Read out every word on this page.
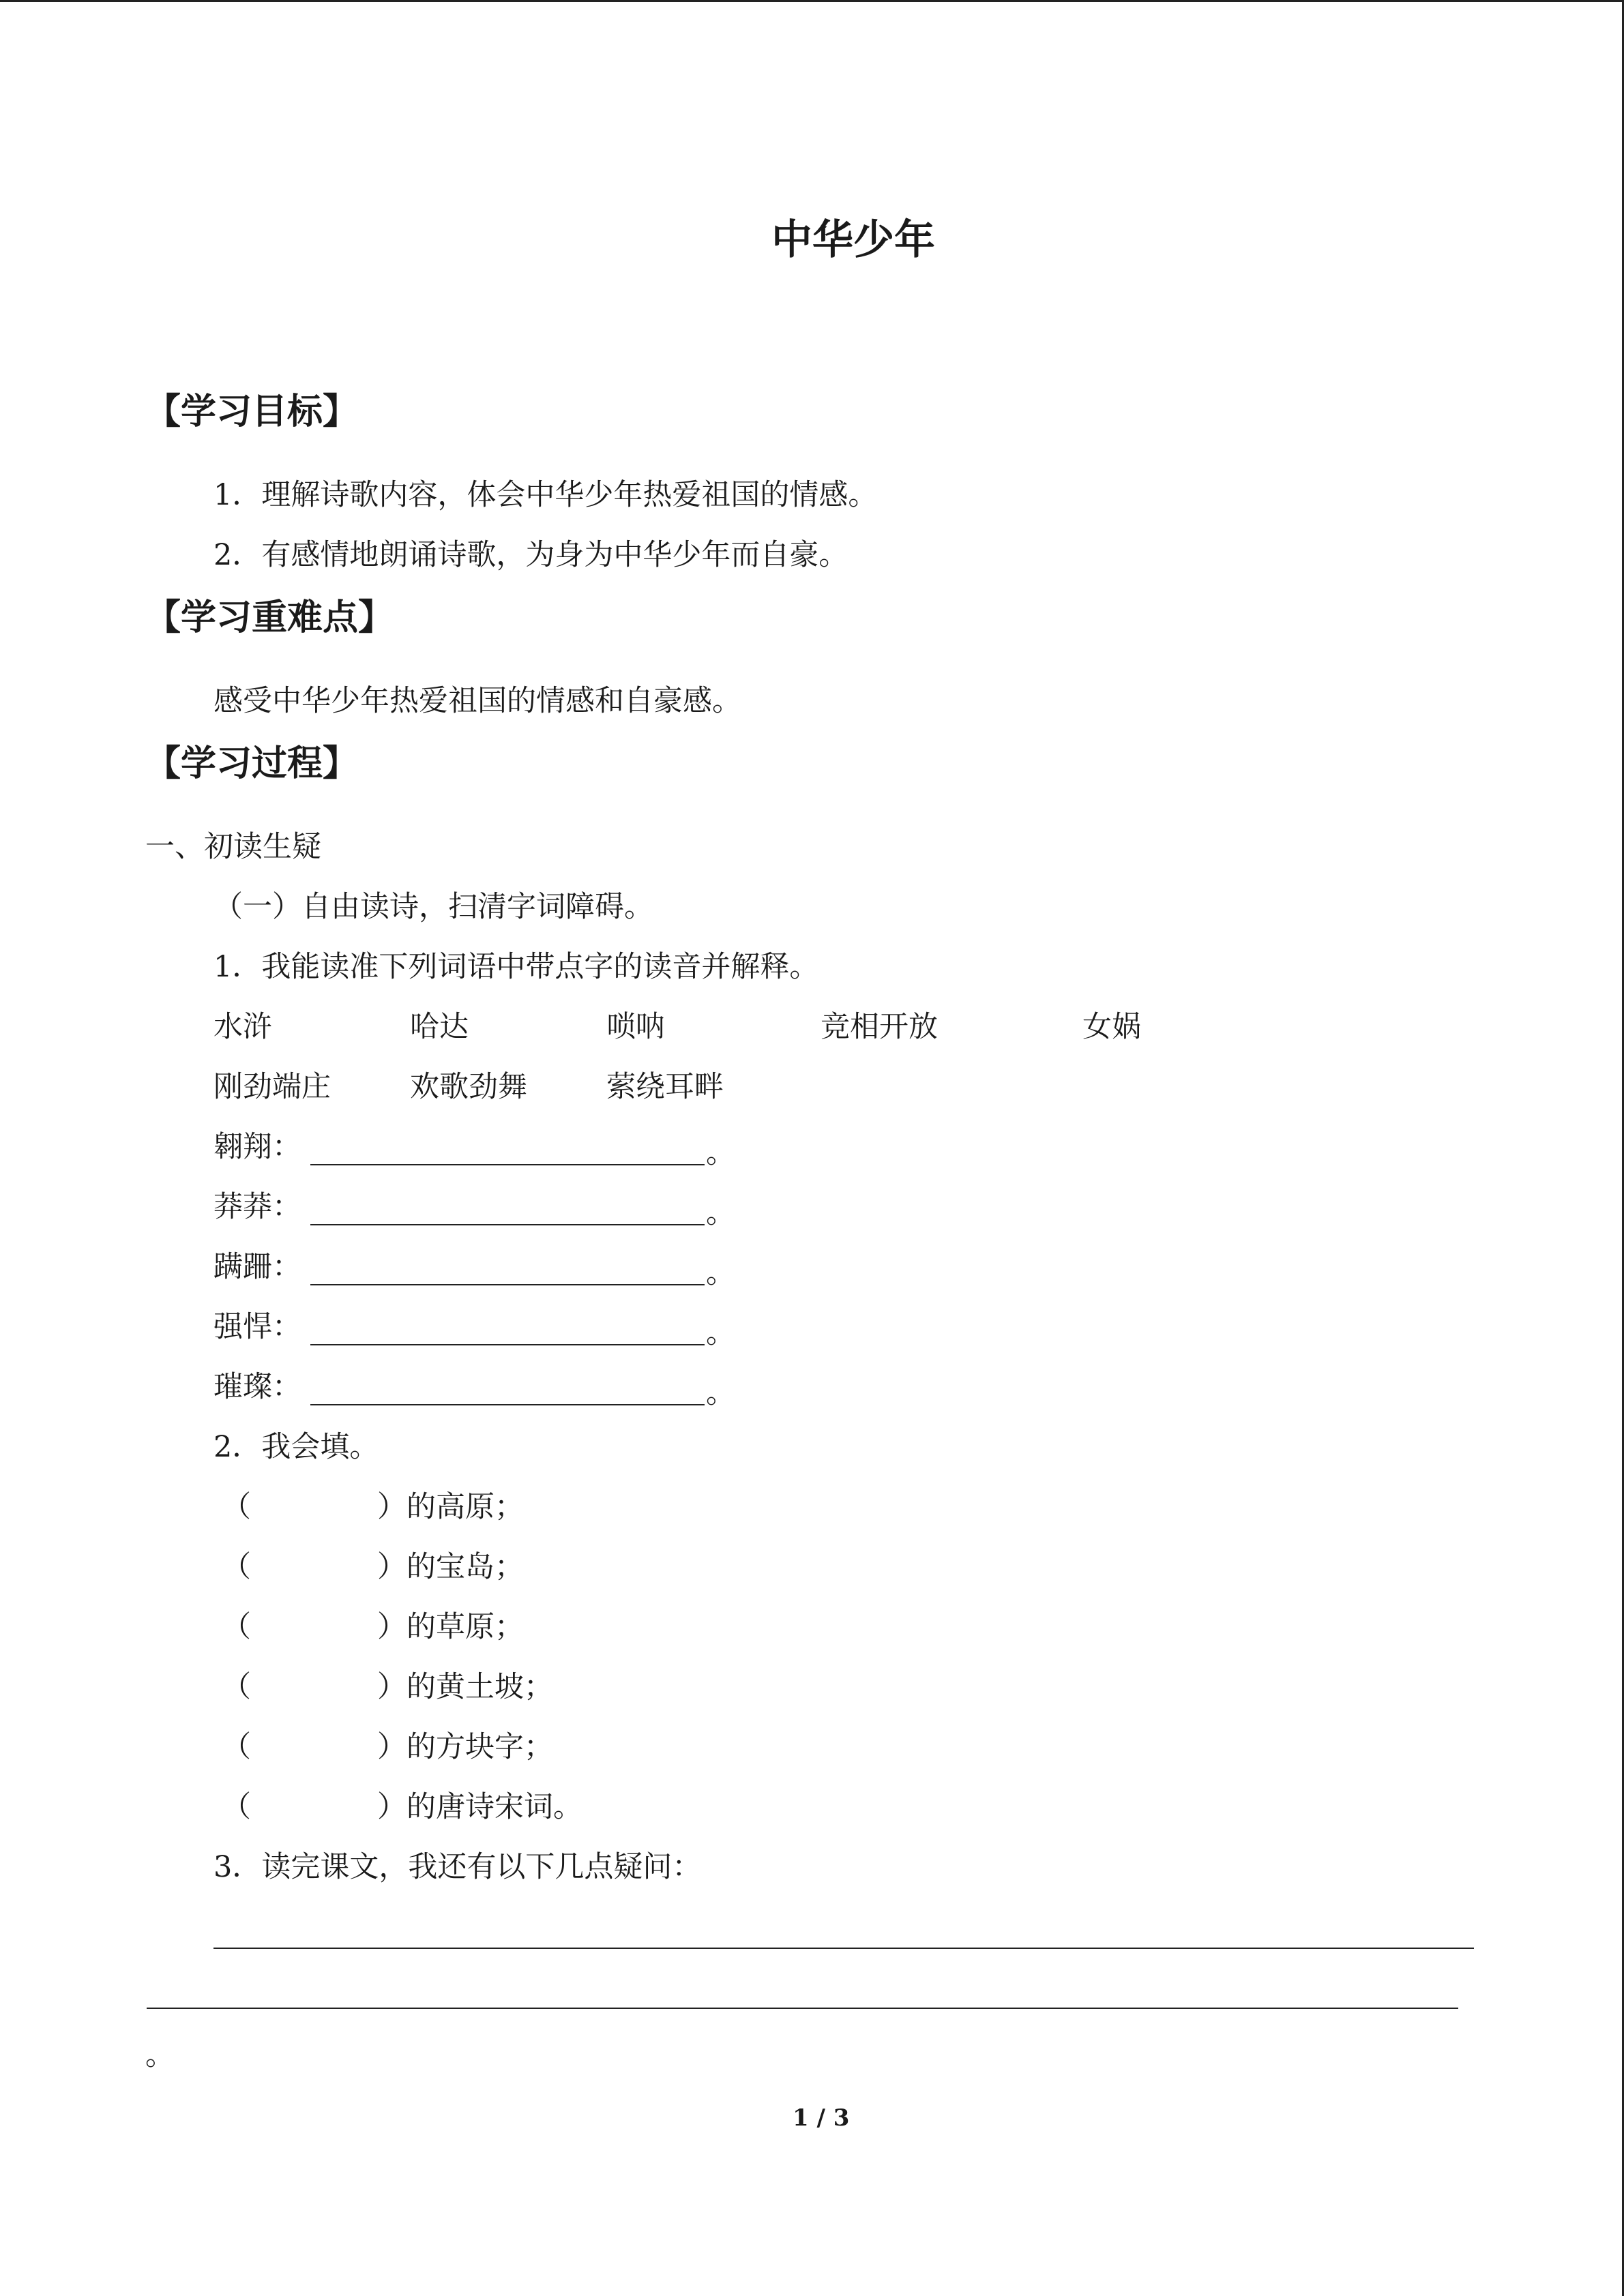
中华少年
【学习目标】
1．理解诗歌内容，体会中华少年热爱祖国的情感。
2．有感情地朗诵诗歌，为身为中华少年而自豪。
【学习重难点】
感受中华少年热爱祖国的情感和自豪感。
【学习过程】
一、初读生疑
（一）自由读诗，扫清字词障碍。
1．我能读准下列词语中带点字的读音并解释。
水浒	哈达	唢呐	竞相开放	女娲
刚劲端庄	欢歌劲舞	萦绕耳畔
翱翔：	。
莽莽：	。
蹒跚：	。
强悍：	。
璀璨：	。
2．我会填。
（	）的高原；
（	）的宝岛；
（	）的草原；
（	）的黄土坡；
（	）的方块字；
（	）的唐诗宋词。
3．读完课文，我还有以下几点疑问：
。
1 / 3
